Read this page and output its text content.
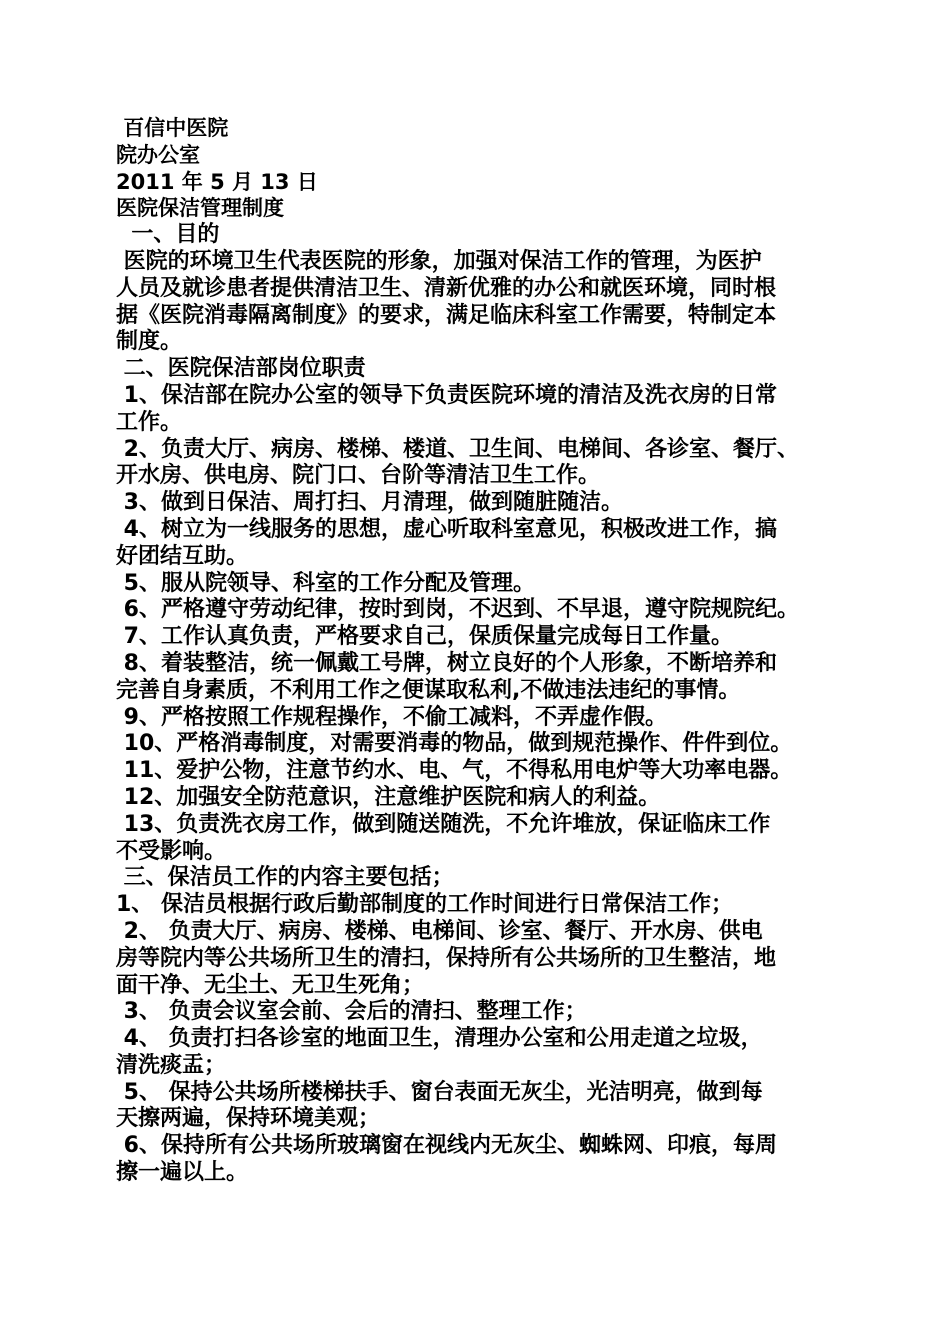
百信中医院
院办公室
2011 年 5 月 13 日
医院保洁管理制度
一、目的
医院的环境卫生代表医院的形象，加强对保洁工作的管理，为医护
人员及就诊患者提供清洁卫生、清新优雅的办公和就医环境，同时根
据《医院消毒隔离制度》的要求，满足临床科室工作需要，特制定本
制度。
二、医院保洁部岗位职责
1、保洁部在院办公室的领导下负责医院环境的清洁及洗衣房的日常
工作。
2、负责大厅、病房、楼梯、楼道、卫生间、电梯间、各诊室、餐厅、
开水房、供电房、院门口、台阶等清洁卫生工作。
3、做到日保洁、周打扫、月清理，做到随脏随洁。
4、树立为一线服务的思想，虚心听取科室意见，积极改进工作，搞
好团结互助。
5、服从院领导、科室的工作分配及管理。
6、严格遵守劳动纪律，按时到岗，不迟到、不早退，遵守院规院纪。
7、工作认真负责，严格要求自己，保质保量完成每日工作量。
8、着装整洁，统一佩戴工号牌，树立良好的个人形象，不断培养和
完善自身素质，不利用工作之便谋取私利,不做违法违纪的事情。
9、严格按照工作规程操作，不偷工减料，不弄虚作假。
10、严格消毒制度，对需要消毒的物品，做到规范操作、件件到位。
11、爱护公物，注意节约水、电、气，不得私用电炉等大功率电器。
12、加强安全防范意识，注意维护医院和病人的利益。
13、负责洗衣房工作，做到随送随洗，不允许堆放，保证临床工作
不受影响。
三、保洁员工作的内容主要包括；
1、 保洁员根据行政后勤部制度的工作时间进行日常保洁工作；
2、 负责大厅、病房、楼梯、电梯间、诊室、餐厅、开水房、供电
房等院内等公共场所卫生的清扫，保持所有公共场所的卫生整洁，地
面干净、无尘土、无卫生死角；
3、 负责会议室会前、会后的清扫、整理工作；
4、 负责打扫各诊室的地面卫生，清理办公室和公用走道之垃圾，
清洗痰盂；
5、 保持公共场所楼梯扶手、窗台表面无灰尘，光洁明亮，做到每
天擦两遍，保持环境美观；
6、保持所有公共场所玻璃窗在视线内无灰尘、蜘蛛网、印痕，每周
擦一遍以上。
